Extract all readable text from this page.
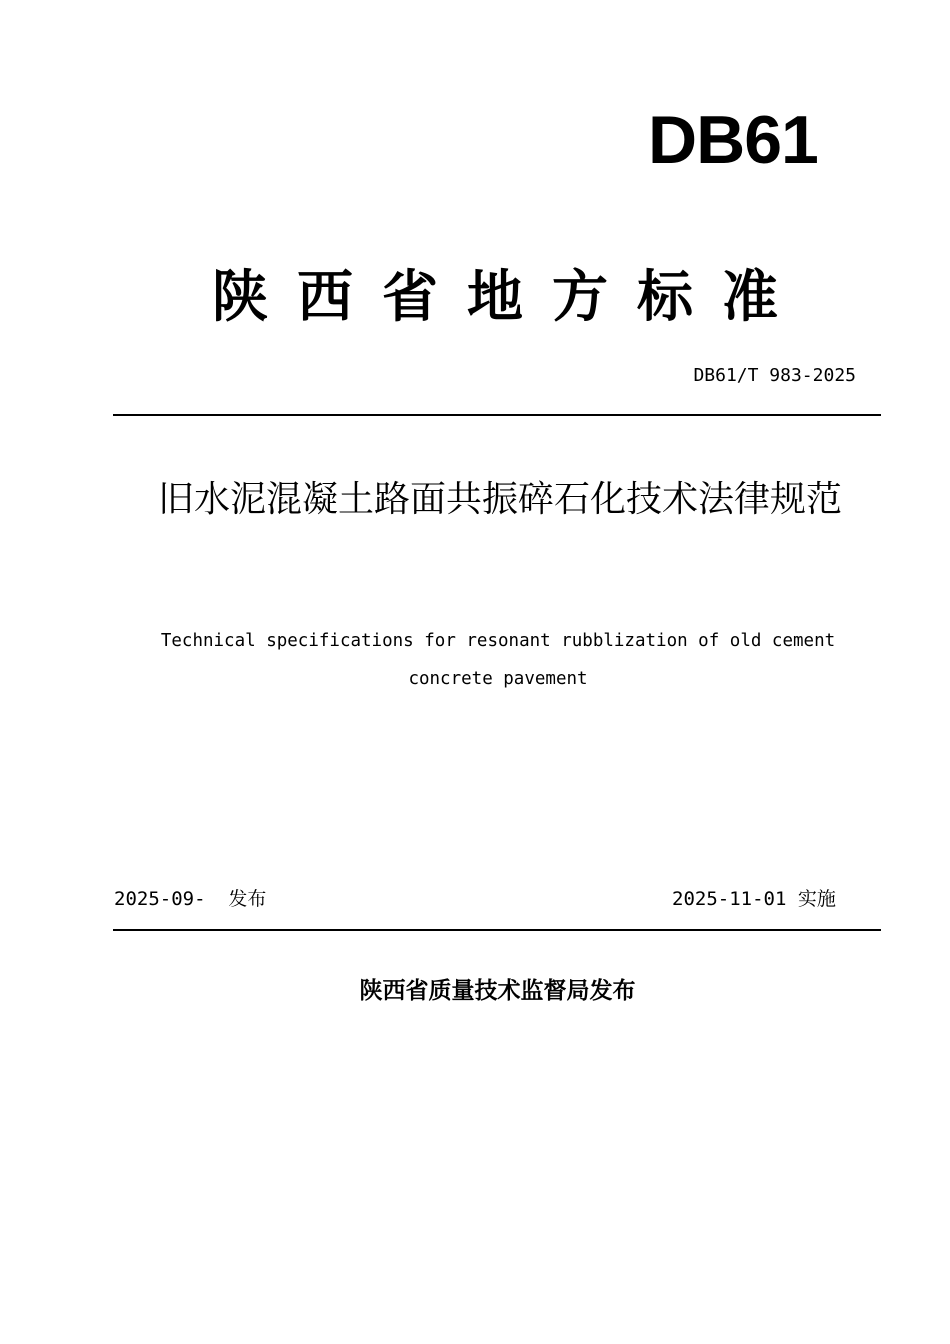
DB61
陕西省地方标准
DB61/T 983-2025
旧水泥混凝土路面共振碎石化技术法律规范
Technical specifications for resonant rubblization of old cement concrete pavement
2025-09-  发布	2025-11-01 实施
陕西省质量技术监督局发布
